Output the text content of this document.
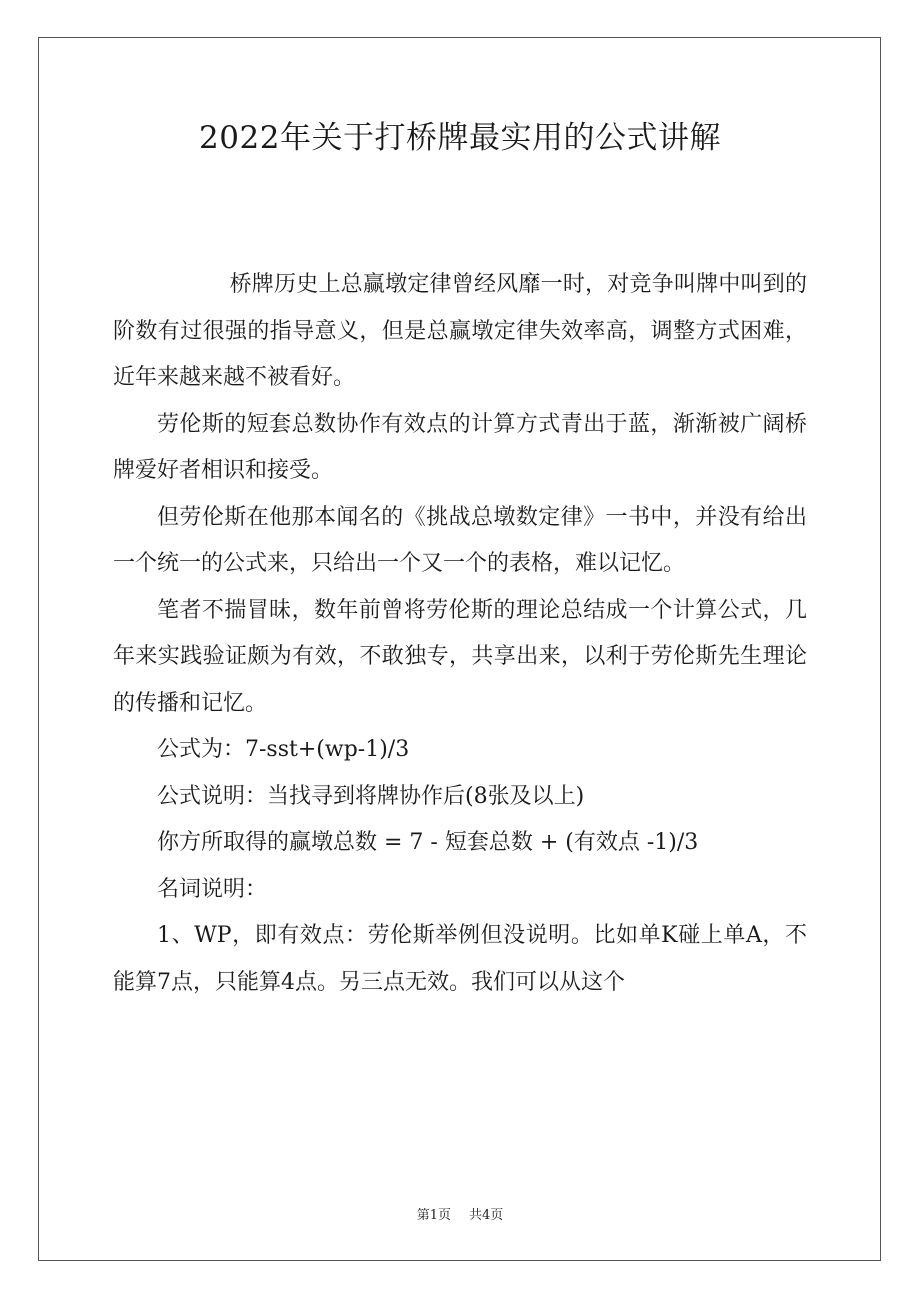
2022年关于打桥牌最实用的公式讲解

桥牌历史上总赢墩定律曾经风靡一时，对竞争叫牌中叫到的阶数有过很强的指导意义，但是总赢墩定律失效率高，调整方式困难，近年来越来越不被看好。

劳伦斯的短套总数协作有效点的计算方式青出于蓝，渐渐被广阔桥牌爱好者相识和接受。

但劳伦斯在他那本闻名的《挑战总墩数定律》一书中，并没有给出一个统一的公式来，只给出一个又一个的表格，难以记忆。

笔者不揣冒昧，数年前曾将劳伦斯的理论总结成一个计算公式，几年来实践验证颇为有效，不敢独专，共享出来，以利于劳伦斯先生理论的传播和记忆。

公式为：7-sst+(wp-1)/3

公式说明：当找寻到将牌协作后(8张及以上)

你方所取得的赢墩总数 = 7 - 短套总数 + (有效点 -1)/3

名词说明：

1、WP，即有效点：劳伦斯举例但没说明。比如单K碰上单A，不能算7点，只能算4点。另三点无效。我们可以从这个

第1页 共4页
